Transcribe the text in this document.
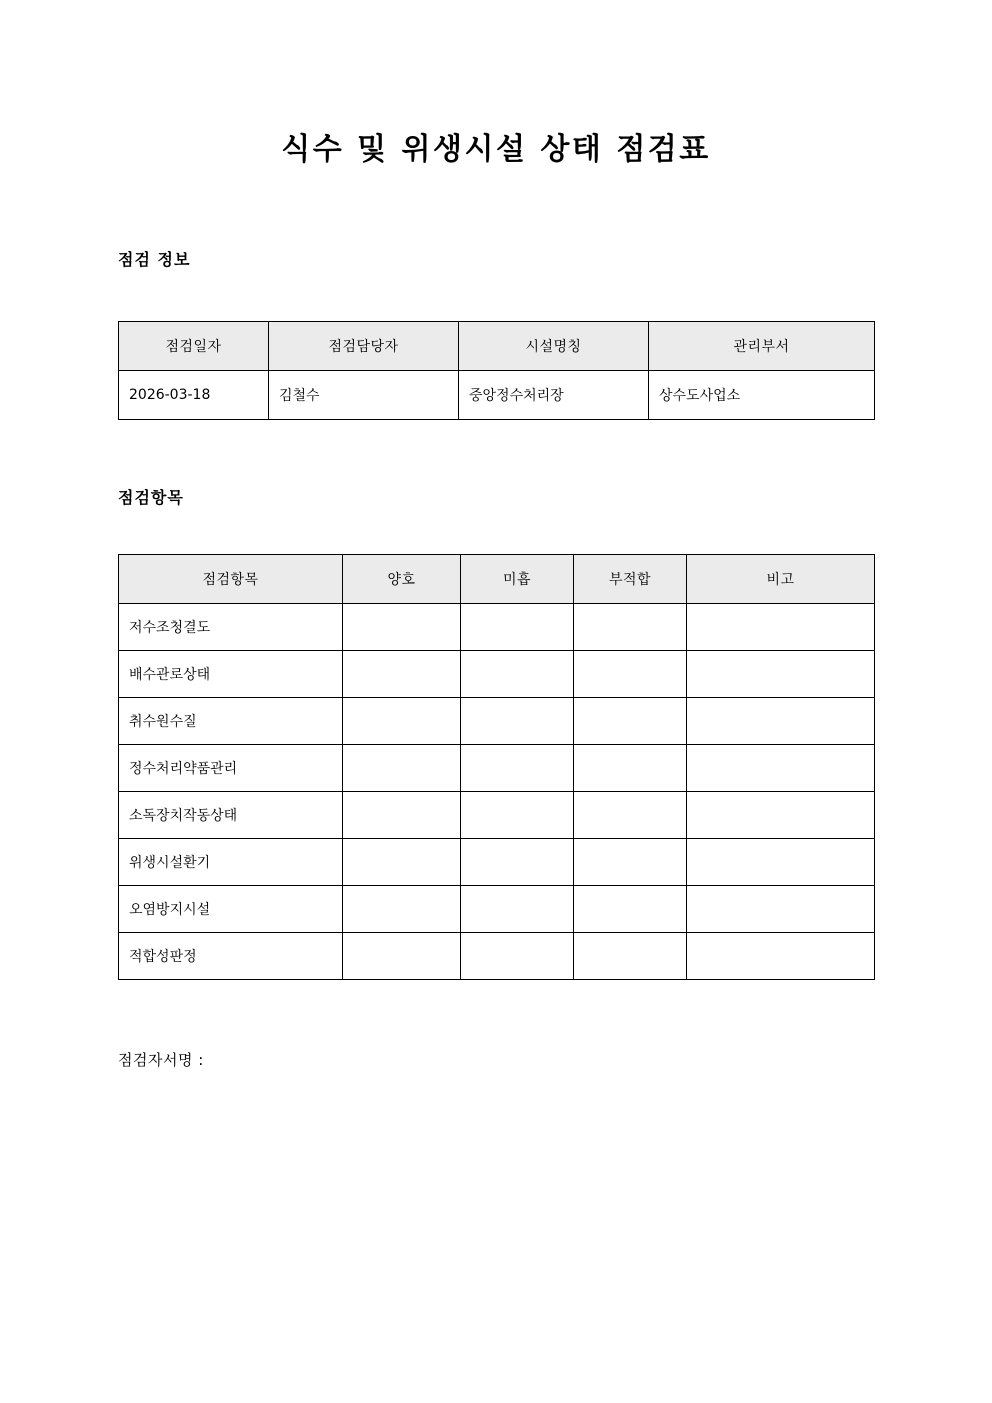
식수 및 위생시설 상태 점검표
점검 정보
점검일자	점검담당자	시설명칭	관리부서
2026-03-18	김철수	중앙정수처리장	상수도사업소
점검항목
점검항목	양호	미흡	부적합	비고
저수조청결도				
배수관로상태				
취수원수질				
정수처리약품관리				
소독장치작동상태				
위생시설환기				
오염방지시설				
적합성판정				
점검자서명 :
